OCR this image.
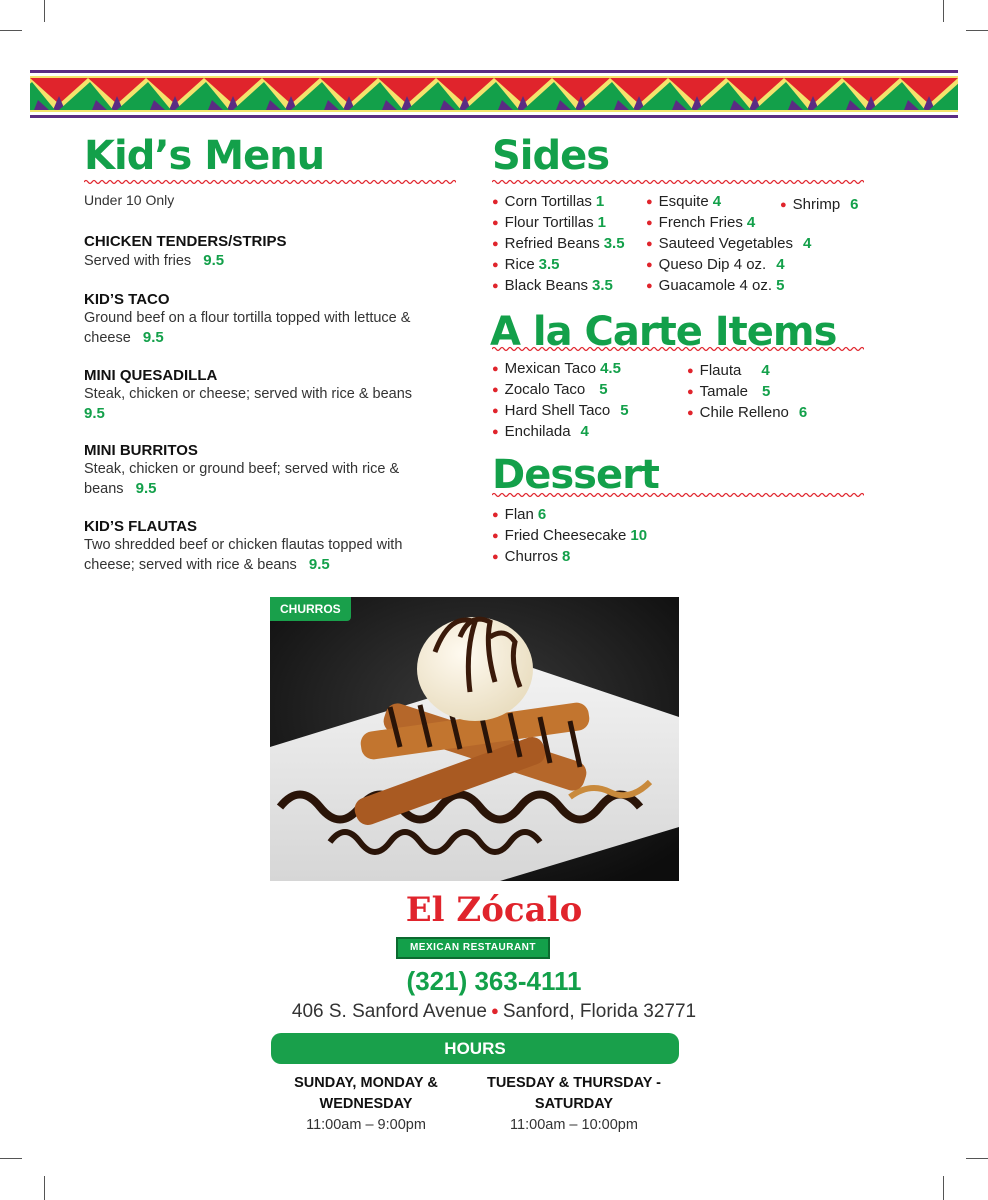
Kid’s Menu
Under 10 Only
CHICKEN TENDERS/STRIPS
Served with fries 9.5
KID’S TACO
Ground beef on a flour tortilla topped with lettuce & cheese 9.5
MINI QUESADILLA
Steak, chicken or cheese; served with rice & beans   9.5
MINI BURRITOS
Steak, chicken or ground beef; served with rice & beans 9.5
KID’S FLAUTAS
Two shredded beef or chicken flautas topped with cheese; served with rice & beans 9.5
Sides
● Corn Tortillas 1
● Flour Tortillas 1
● Refried Beans 3.5
● Rice 3.5
● Black Beans 3.5
● Esquite 4
● French Fries 4
● Sauteed Vegetables 4
● Queso Dip 4 oz. 4
● Guacamole 4 oz. 5
● Shrimp 6
A la Carte Items
● Mexican Taco 4.5
● Zocalo Taco 5
● Hard Shell Taco 5
● Enchilada 4
● Flauta 4
● Tamale 5
● Chile Relleno 6
Dessert
● Flan 6
● Fried Cheesecake 10
● Churros 8
CHURROS
El Zócalo
MEXICAN RESTAURANT
(321) 363-4111
406 S. Sanford Avenue ● Sanford, Florida 32771
HOURS
SUNDAY, MONDAY & WEDNESDAY
11:00am – 9:00pm
TUESDAY & THURSDAY - SATURDAY
11:00am – 10:00pm
